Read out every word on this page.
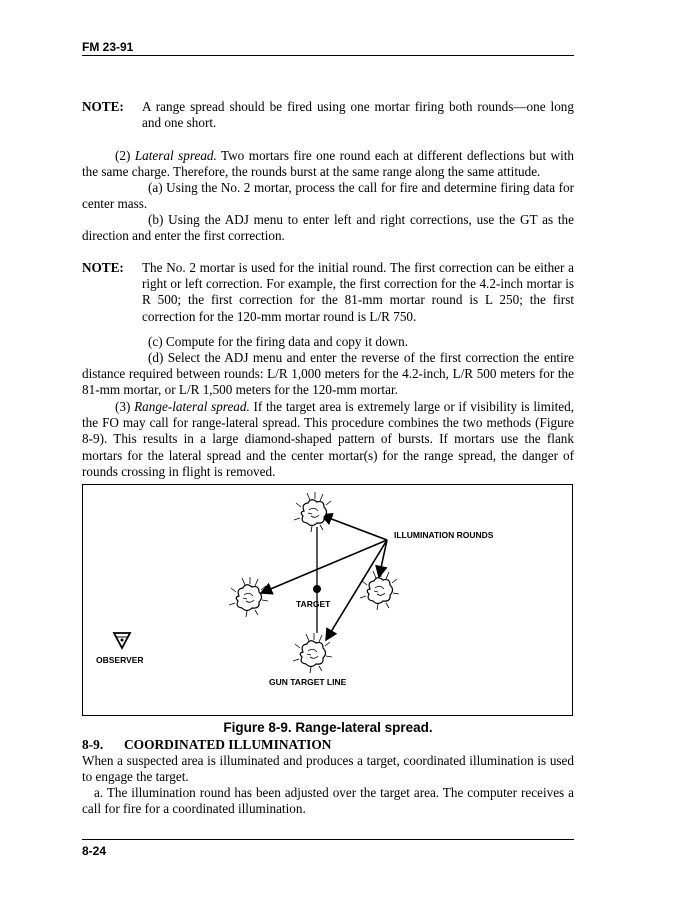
FM 23-91
NOTE: A range spread should be fired using one mortar firing both rounds—one long and one short.
(2) Lateral spread. Two mortars fire one round each at different deflections but with the same charge. Therefore, the rounds burst at the same range along the same attitude.
(a) Using the No. 2 mortar, process the call for fire and determine firing data for center mass.
(b) Using the ADJ menu to enter left and right corrections, use the GT as the direction and enter the first correction.
NOTE: The No. 2 mortar is used for the initial round. The first correction can be either a right or left correction. For example, the first correction for the 4.2-inch mortar is R 500; the first correction for the 81-mm mortar round is L 250; the first correction for the 120-mm mortar round is L/R 750.
(c) Compute for the firing data and copy it down.
(d) Select the ADJ menu and enter the reverse of the first correction the entire distance required between rounds: L/R 1,000 meters for the 4.2-inch, L/R 500 meters for the 81-mm mortar, or L/R 1,500 meters for the 120-mm mortar.
(3) Range-lateral spread. If the target area is extremely large or if visibility is limited, the FO may call for range-lateral spread. This procedure combines the two methods (Figure 8-9). This results in a large diamond-shaped pattern of bursts. If mortars use the flank mortars for the lateral spread and the center mortar(s) for the range spread, the danger of rounds crossing in flight is removed.
ILLUMINATION ROUNDS
TARGET
OBSERVER
GUN TARGET LINE
Figure 8-9. Range-lateral spread.
8-9. COORDINATED ILLUMINATION
When a suspected area is illuminated and produces a target, coordinated illumination is used to engage the target.
a. The illumination round has been adjusted over the target area. The computer receives a call for fire for a coordinated illumination.
8-24
